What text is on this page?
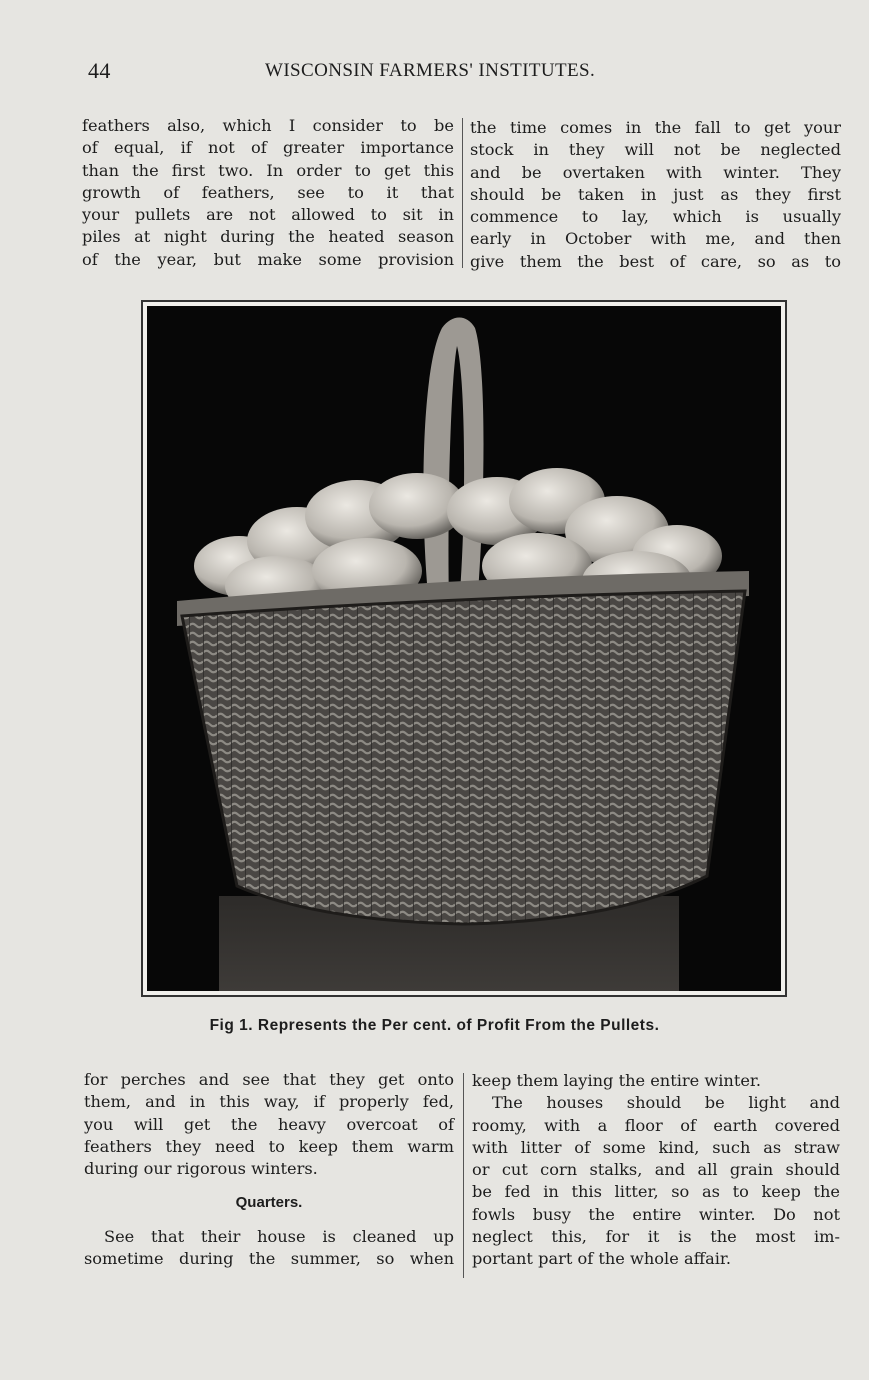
44	WISCONSIN FARMERS' INSTITUTES.
feathers also, which I consider to be
of equal, if not of greater importance
than the first two. In order to get this
growth of feathers, see to it that
your pullets are not allowed to sit in
piles at night during the heated season
of the year, but make some provision
the time comes in the fall to get your
stock in they will not be neglected
and be overtaken with winter. They
should be taken in just as they first
commence to lay, which is usually
early in October with me, and then
give them the best of care, so as to
Fig 1. Represents the Per cent. of Profit From the Pullets.
for perches and see that they get onto
them, and in this way, if properly fed,
you will get the heavy overcoat of
feathers they need to keep them warm
during our rigorous winters.
Quarters.
See that their house is cleaned up
sometime during the summer, so when
keep them laying the entire winter.
The houses should be light and
roomy, with a floor of earth covered
with litter of some kind, such as straw
or cut corn stalks, and all grain should
be fed in this litter, so as to keep the
fowls busy the entire winter. Do not
neglect this, for it is the most im-
portant part of the whole affair.
